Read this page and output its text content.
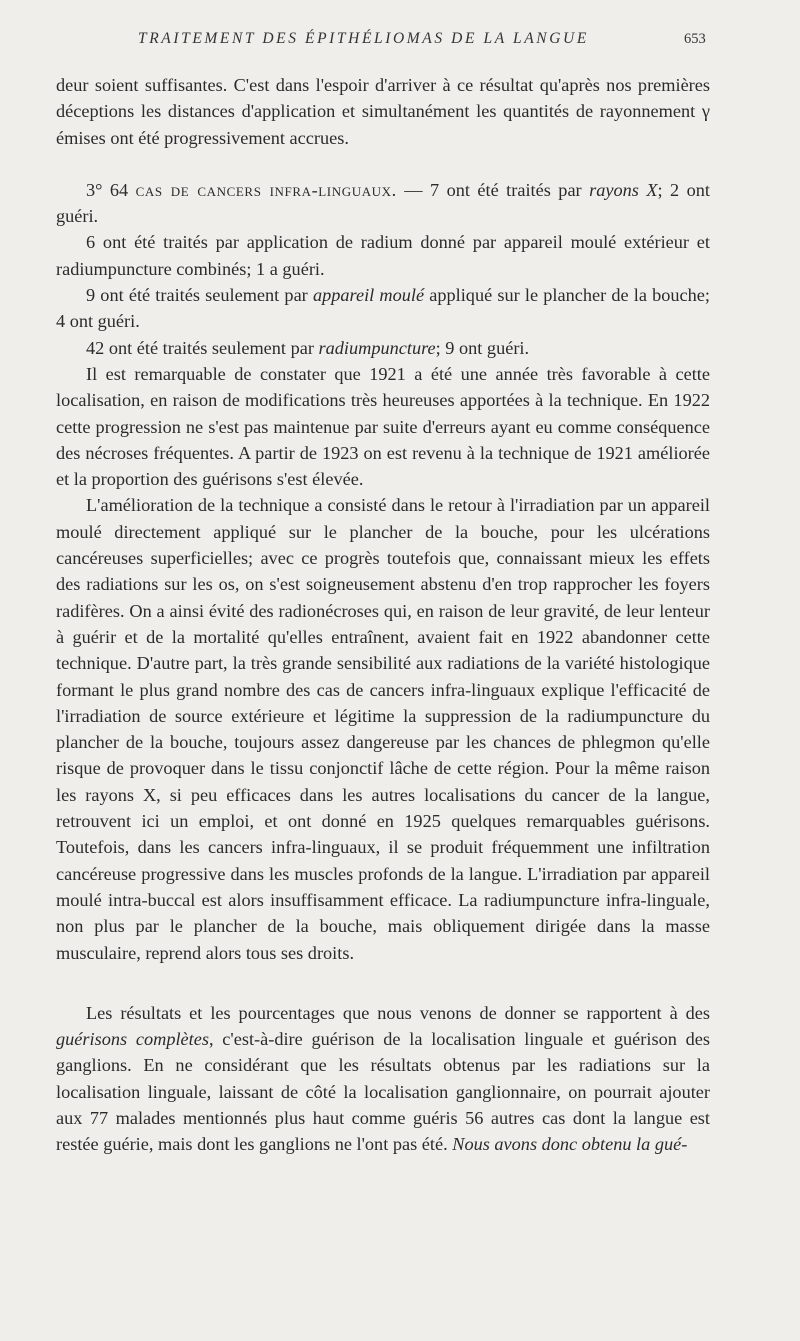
TRAITEMENT DES ÉPITHÉLIOMAS DE LA LANGUE	653

deur soient suffisantes. C'est dans l'espoir d'arriver à ce résultat qu'après nos premières déceptions les distances d'application et simultanément les quantités de rayonnement γ émises ont été progressivement accrues.

3° 64 cas de cancers infra-linguaux. — 7 ont été traités par rayons X; 2 ont guéri.

6 ont été traités par application de radium donné par appareil moulé extérieur et radiumpuncture combinés; 1 a guéri.

9 ont été traités seulement par appareil moulé appliqué sur le plancher de la bouche; 4 ont guéri.

42 ont été traités seulement par radiumpuncture; 9 ont guéri.

Il est remarquable de constater que 1921 a été une année très favorable à cette localisation, en raison de modifications très heureuses apportées à la technique. En 1922 cette progression ne s'est pas maintenue par suite d'erreurs ayant eu comme conséquence des nécroses fréquentes. A partir de 1923 on est revenu à la technique de 1921 améliorée et la proportion des guérisons s'est élevée.

L'amélioration de la technique a consisté dans le retour à l'irradiation par un appareil moulé directement appliqué sur le plancher de la bouche, pour les ulcérations cancéreuses superficielles; avec ce progrès toutefois que, connaissant mieux les effets des radiations sur les os, on s'est soigneusement abstenu d'en trop rapprocher les foyers radifères. On a ainsi évité des radionécroses qui, en raison de leur gravité, de leur lenteur à guérir et de la mortalité qu'elles entraînent, avaient fait en 1922 abandonner cette technique. D'autre part, la très grande sensibilité aux radiations de la variété histologique formant le plus grand nombre des cas de cancers infra-linguaux explique l'efficacité de l'irradiation de source extérieure et légitime la suppression de la radiumpuncture du plancher de la bouche, toujours assez dangereuse par les chances de phlegmon qu'elle risque de provoquer dans le tissu conjonctif lâche de cette région. Pour la même raison les rayons X, si peu efficaces dans les autres localisations du cancer de la langue, retrouvent ici un emploi, et ont donné en 1925 quelques remarquables guérisons. Toutefois, dans les cancers infra-linguaux, il se produit fréquemment une infiltration cancéreuse progressive dans les muscles profonds de la langue. L'irradiation par appareil moulé intra-buccal est alors insuffisamment efficace. La radiumpuncture infra-linguale, non plus par le plancher de la bouche, mais obliquement dirigée dans la masse musculaire, reprend alors tous ses droits.

Les résultats et les pourcentages que nous venons de donner se rapportent à des guérisons complètes, c'est-à-dire guérison de la localisation linguale et guérison des ganglions. En ne considérant que les résultats obtenus par les radiations sur la localisation linguale, laissant de côté la localisation ganglionnaire, on pourrait ajouter aux 77 malades mentionnés plus haut comme guéris 56 autres cas dont la langue est restée guérie, mais dont les ganglions ne l'ont pas été. Nous avons donc obtenu la gué-
